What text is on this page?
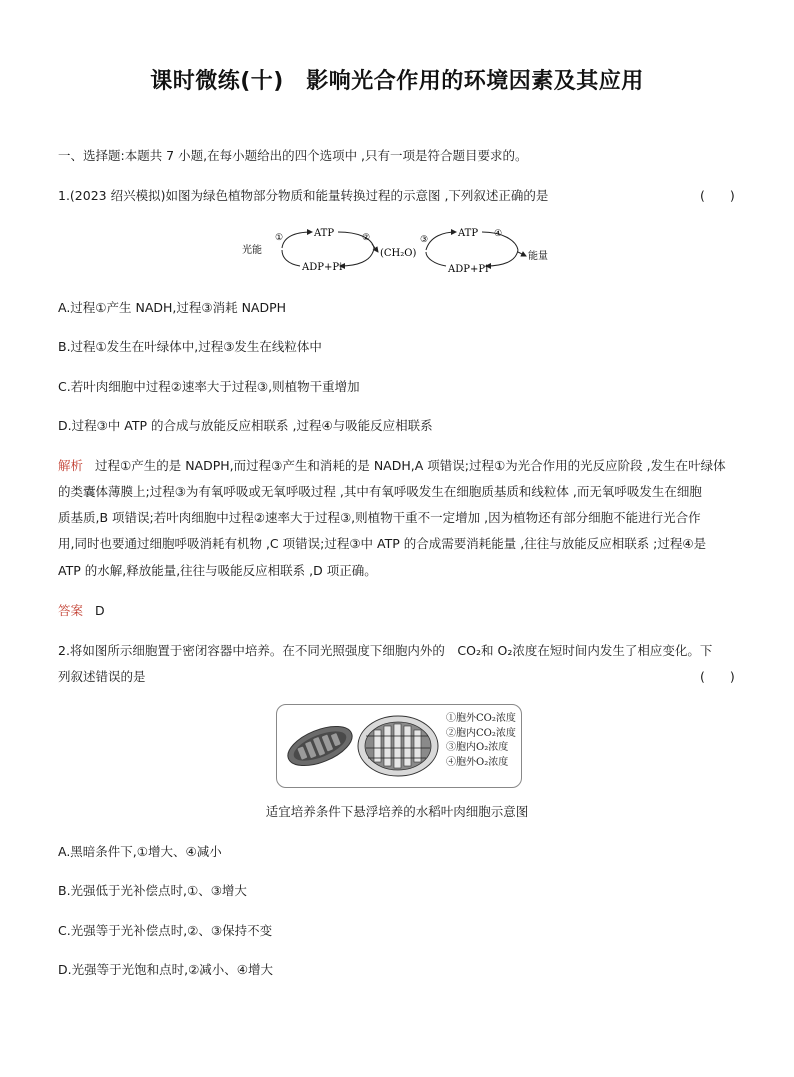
课时微练(十)　影响光合作用的环境因素及其应用
一、选择题:本题共 7 小题,在每小题给出的四个选项中 ,只有一项是符合题目要求的。
1.(2023 绍兴模拟)如图为绿色植物部分物质和能量转换过程的示意图 ,下列叙述正确的是	(　　)
光能
①	ATP
ADP+Pi
②
(CH₂O)
③
ATP ④
ADP+Pi
能量
A.过程①产生 NADH,过程③消耗 NADPH
B.过程①发生在叶绿体中,过程③发生在线粒体中
C.若叶肉细胞中过程②速率大于过程③,则植物干重增加
D.过程③中 ATP 的合成与放能反应相联系 ,过程④与吸能反应相联系
解析 过程①产生的是 NADPH,而过程③产生和消耗的是 NADH,A 项错误;过程①为光合作用的光反应阶段 ,发生在叶绿体
的类囊体薄膜上;过程③为有氧呼吸或无氧呼吸过程 ,其中有氧呼吸发生在细胞质基质和线粒体 ,而无氧呼吸发生在细胞
质基质,B 项错误;若叶肉细胞中过程②速率大于过程③,则植物干重不一定增加 ,因为植物还有部分细胞不能进行光合作
用,同时也要通过细胞呼吸消耗有机物 ,C 项错误;过程③中 ATP 的合成需要消耗能量 ,往往与放能反应相联系 ;过程④是
ATP 的水解,释放能量,往往与吸能反应相联系 ,D 项正确。
答案 D
2.将如图所示细胞置于密闭容器中培养。在不同光照强度下细胞内外的　CO₂和 O₂浓度在短时间内发生了相应变化。下
列叙述错误的是	(　　)
①胞外CO₂浓度
②胞内CO₂浓度
③胞内O₂浓度
④胞外O₂浓度
适宜培养条件下悬浮培养的水稻叶肉细胞示意图
A.黑暗条件下,①增大、④减小
B.光强低于光补偿点时,①、③增大
C.光强等于光补偿点时,②、③保持不变
D.光强等于光饱和点时,②减小、④增大
